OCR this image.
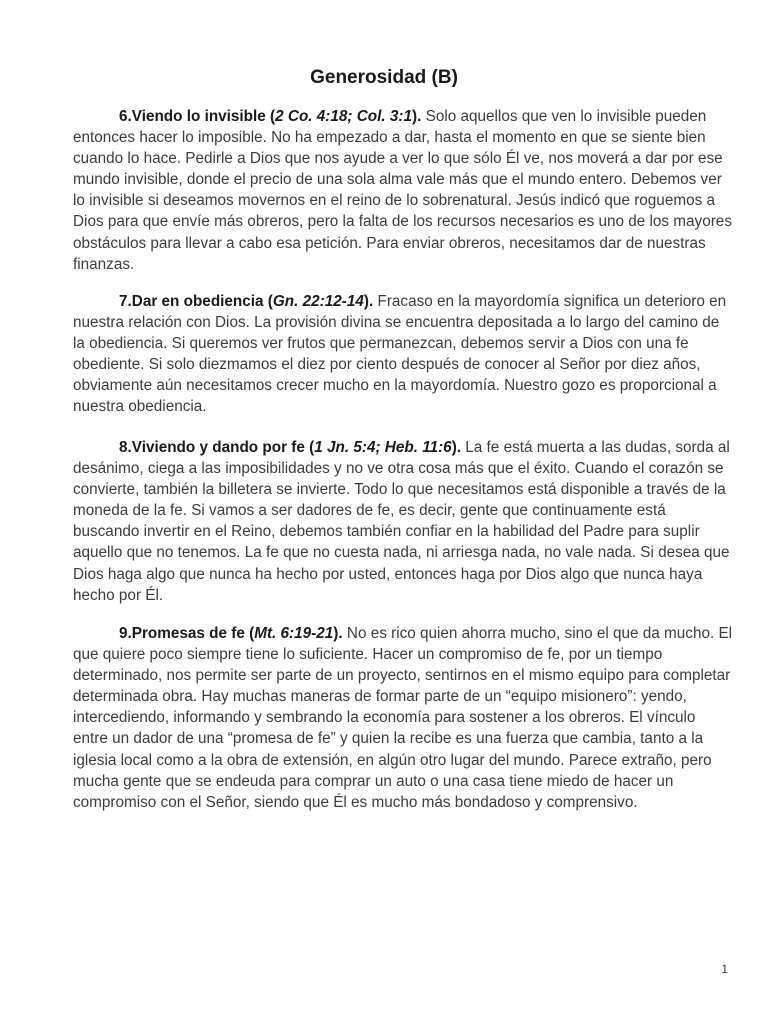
Generosidad (B)

6.Viendo lo invisible (2 Co. 4:18; Col. 3:1). Solo aquellos que ven lo invisible pueden entonces hacer lo imposible. No ha empezado a dar, hasta el momento en que se siente bien cuando lo hace. Pedirle a Dios que nos ayude a ver lo que sólo Él ve, nos moverá a dar por ese mundo invisible, donde el precio de una sola alma vale más que el mundo entero. Debemos ver lo invisible si deseamos movernos en el reino de lo sobrenatural. Jesús indicó que roguemos a Dios para que envíe más obreros, pero la falta de los recursos necesarios es uno de los mayores obstáculos para llevar a cabo esa petición. Para enviar obreros, necesitamos dar de nuestras finanzas.

7.Dar en obediencia (Gn. 22:12-14). Fracaso en la mayordomía significa un deterioro en nuestra relación con Dios. La provisión divina se encuentra depositada a lo largo del camino de la obediencia. Si queremos ver frutos que permanezcan, debemos servir a Dios con una fe obediente. Si solo diezmamos el diez por ciento después de conocer al Señor por diez años, obviamente aún necesitamos crecer mucho en la mayordomía. Nuestro gozo es proporcional a nuestra obediencia.

8.Viviendo y dando por fe (1 Jn. 5:4; Heb. 11:6). La fe está muerta a las dudas, sorda al desánimo, ciega a las imposibilidades y no ve otra cosa más que el éxito. Cuando el corazón se convierte, también la billetera se invierte. Todo lo que necesitamos está disponible a través de la moneda de la fe. Si vamos a ser dadores de fe, es decir, gente que continuamente está buscando invertir en el Reino, debemos también confiar en la habilidad del Padre para suplir aquello que no tenemos. La fe que no cuesta nada, ni arriesga nada, no vale nada. Si desea que Dios haga algo que nunca ha hecho por usted, entonces haga por Dios algo que nunca haya hecho por Él.

9.Promesas de fe (Mt. 6:19-21). No es rico quien ahorra mucho, sino el que da mucho. El que quiere poco siempre tiene lo suficiente. Hacer un compromiso de fe, por un tiempo determinado, nos permite ser parte de un proyecto, sentirnos en el mismo equipo para completar determinada obra. Hay muchas maneras de formar parte de un “equipo misionero”: yendo, intercediendo, informando y sembrando la economía para sostener a los obreros. El vínculo entre un dador de una “promesa de fe” y quien la recibe es una fuerza que cambia, tanto a la iglesia local como a la obra de extensión, en algún otro lugar del mundo. Parece extraño, pero mucha gente que se endeuda para comprar un auto o una casa tiene miedo de hacer un compromiso con el Señor, siendo que Él es mucho más bondadoso y comprensivo.

1
